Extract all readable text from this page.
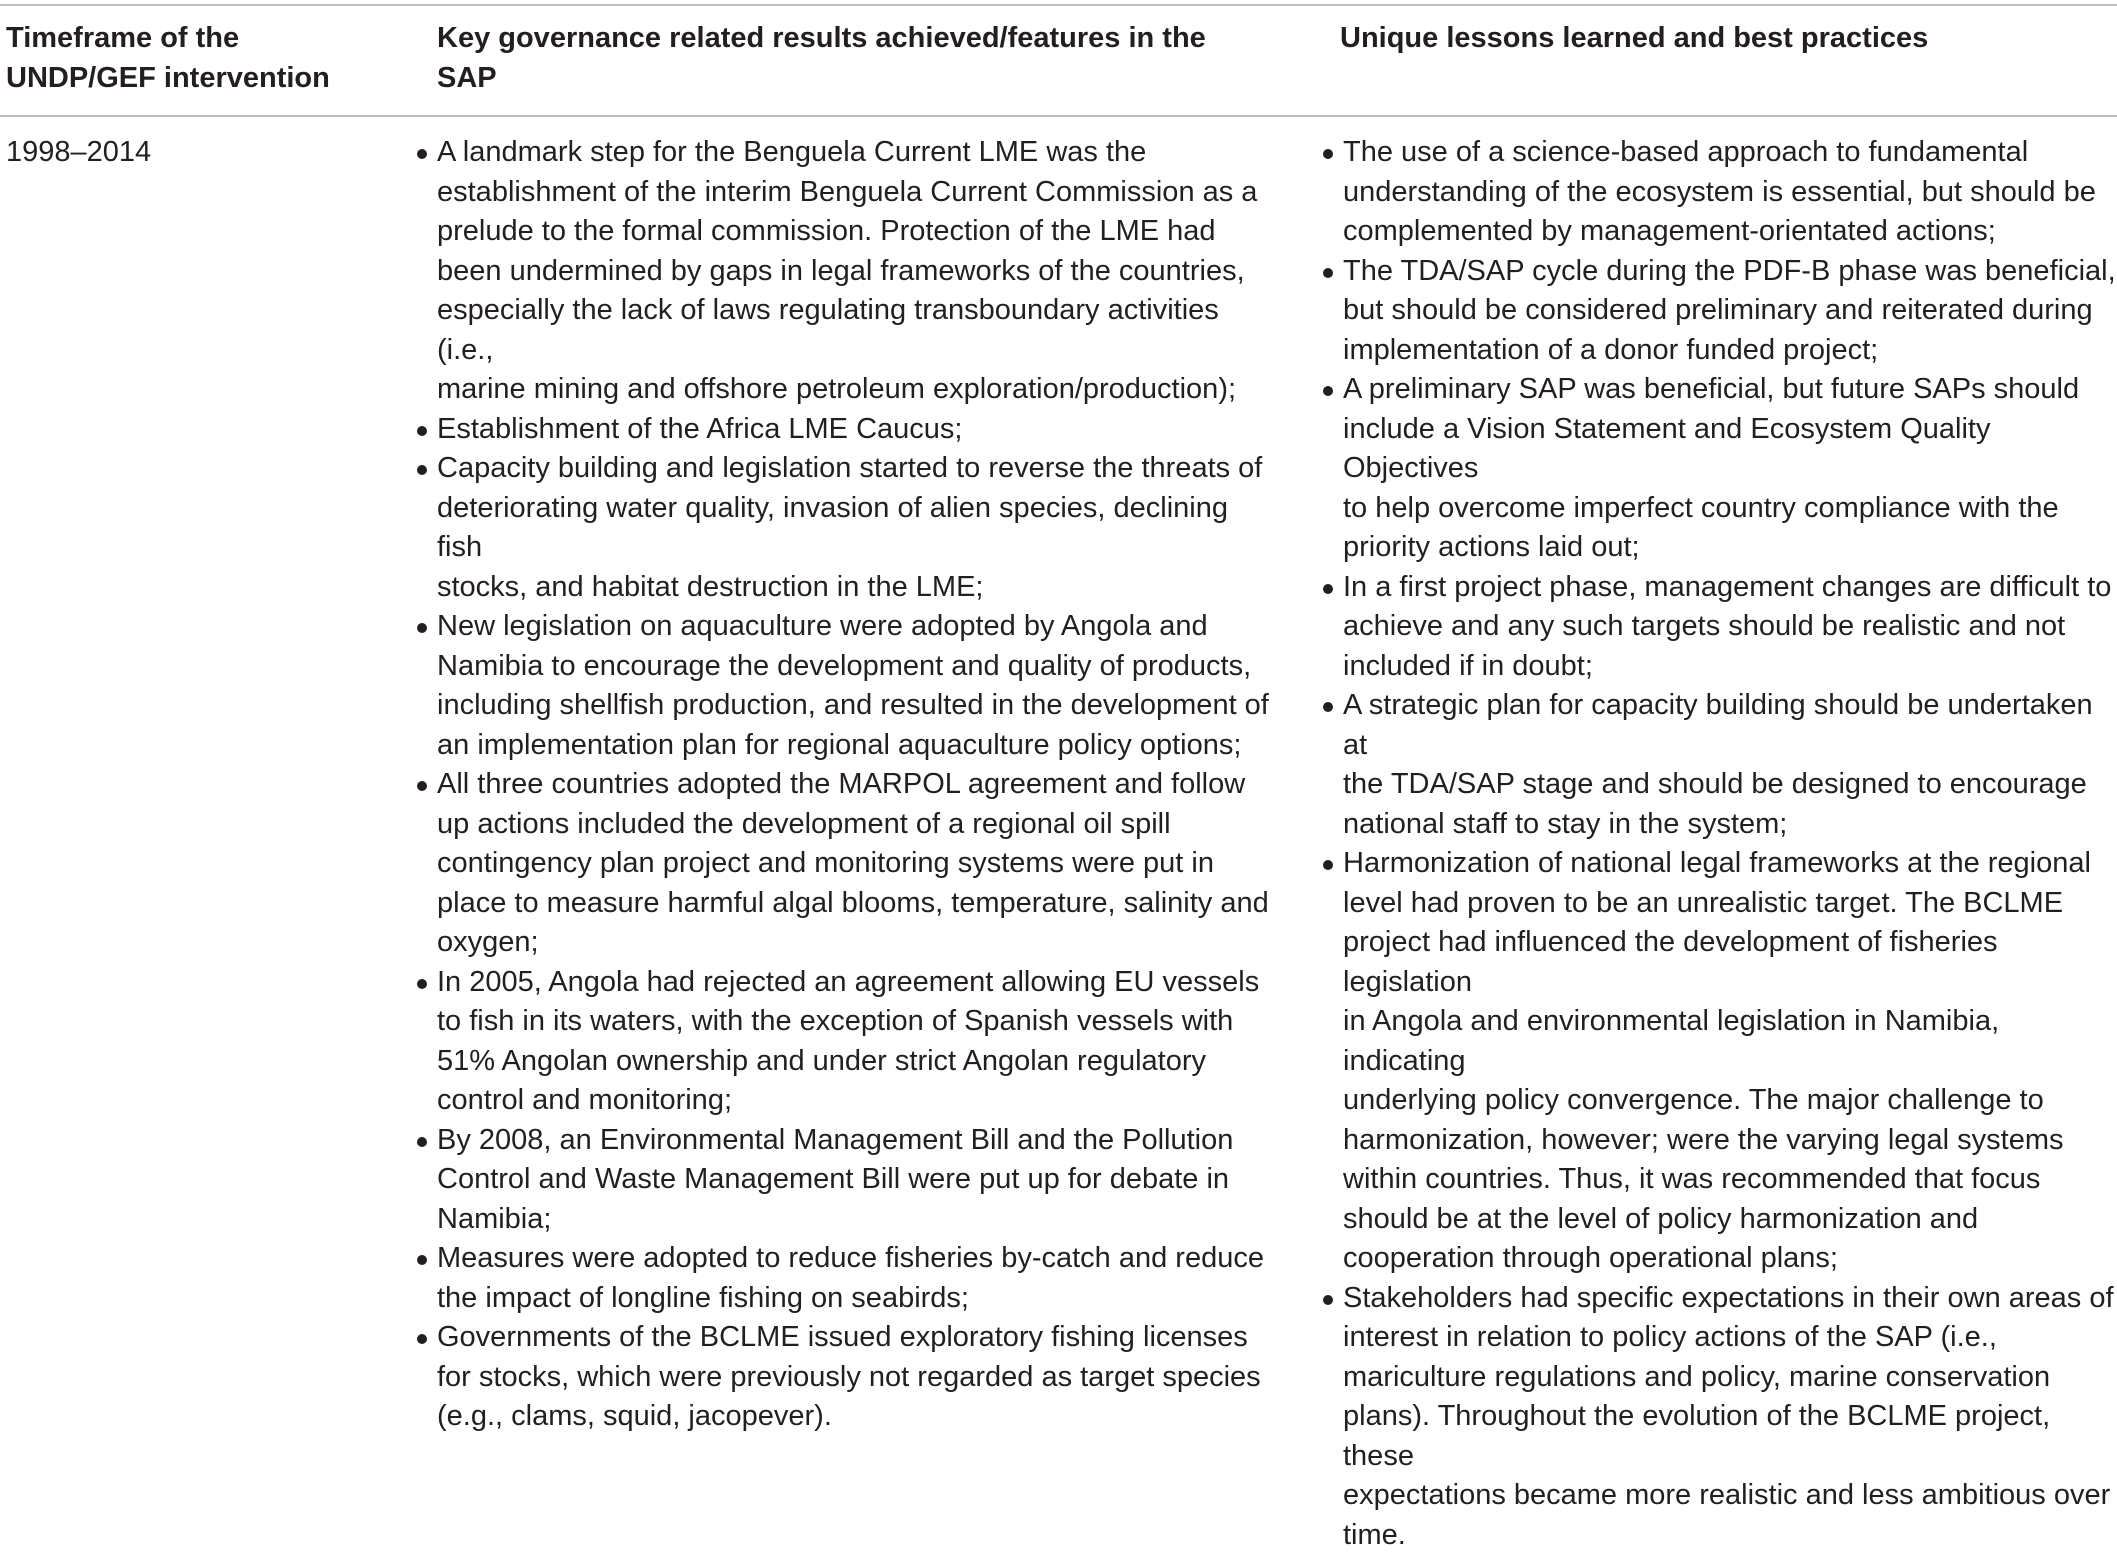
Timeframe of the
UNDP/GEF intervention
Key governance related results achieved/features in the
SAP
Unique lessons learned and best practices
1998–2014	A landmark step for the Benguela Current LME was the
establishment of the interim Benguela Current Commission as a
prelude to the formal commission. Protection of the LME had
been undermined by gaps in legal frameworks of the countries,
especially the lack of laws regulating transboundary activities (i.e.,
marine mining and offshore petroleum exploration/production);
Establishment of the Africa LME Caucus;
Capacity building and legislation started to reverse the threats of
deteriorating water quality, invasion of alien species, declining fish
stocks, and habitat destruction in the LME;
New legislation on aquaculture were adopted by Angola and
Namibia to encourage the development and quality of products,
including shellfish production, and resulted in the development of
an implementation plan for regional aquaculture policy options;
All three countries adopted the MARPOL agreement and follow
up actions included the development of a regional oil spill
contingency plan project and monitoring systems were put in
place to measure harmful algal blooms, temperature, salinity and
oxygen;
In 2005, Angola had rejected an agreement allowing EU vessels
to fish in its waters, with the exception of Spanish vessels with
51% Angolan ownership and under strict Angolan regulatory
control and monitoring;
By 2008, an Environmental Management Bill and the Pollution
Control and Waste Management Bill were put up for debate in
Namibia;
Measures were adopted to reduce fisheries by-catch and reduce
the impact of longline fishing on seabirds;
Governments of the BCLME issued exploratory fishing licenses
for stocks, which were previously not regarded as target species
(e.g., clams, squid, jacopever).
The use of a science-based approach to fundamental
understanding of the ecosystem is essential, but should be
complemented by management-orientated actions;
The TDA/SAP cycle during the PDF-B phase was beneficial,
but should be considered preliminary and reiterated during
implementation of a donor funded project;
A preliminary SAP was beneficial, but future SAPs should
include a Vision Statement and Ecosystem Quality Objectives
to help overcome imperfect country compliance with the
priority actions laid out;
In a first project phase, management changes are difficult to
achieve and any such targets should be realistic and not
included if in doubt;
A strategic plan for capacity building should be undertaken at
the TDA/SAP stage and should be designed to encourage
national staff to stay in the system;
Harmonization of national legal frameworks at the regional
level had proven to be an unrealistic target. The BCLME
project had influenced the development of fisheries legislation
in Angola and environmental legislation in Namibia, indicating
underlying policy convergence. The major challenge to
harmonization, however; were the varying legal systems
within countries. Thus, it was recommended that focus
should be at the level of policy harmonization and
cooperation through operational plans;
Stakeholders had specific expectations in their own areas of
interest in relation to policy actions of the SAP (i.e.,
mariculture regulations and policy, marine conservation
plans). Throughout the evolution of the BCLME project, these
expectations became more realistic and less ambitious over
time.
